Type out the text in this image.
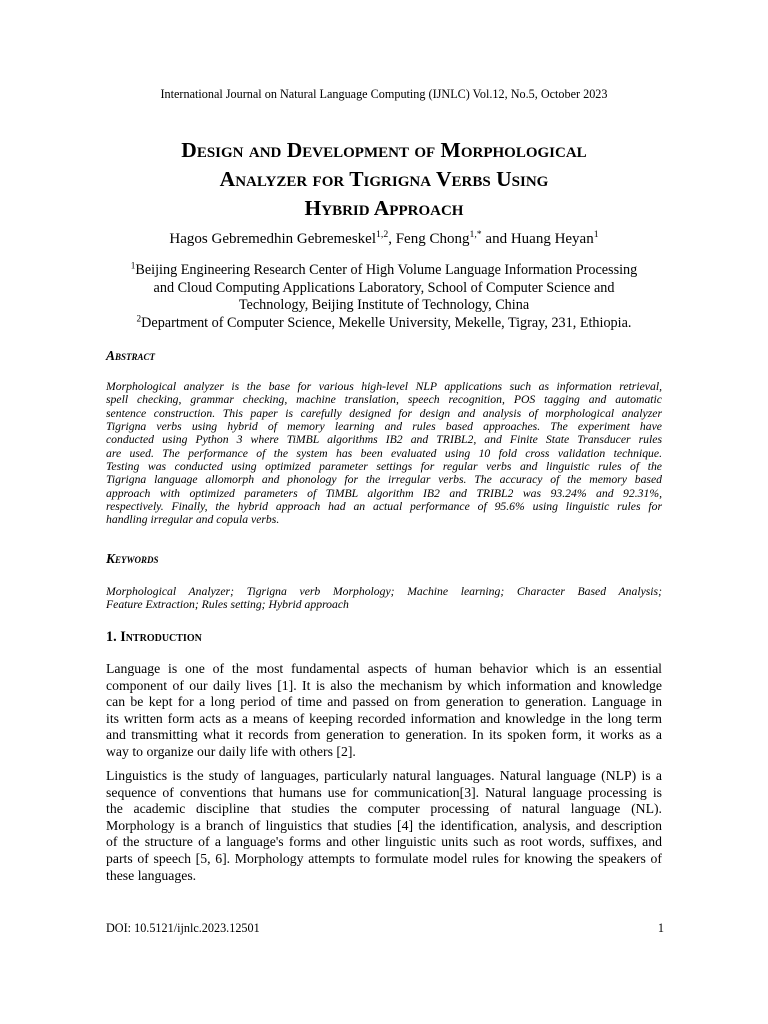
International Journal on Natural Language Computing (IJNLC) Vol.12, No.5, October 2023
Design and Development of Morphological
Analyzer for Tigrigna Verbs Using
Hybrid Approach
Hagos Gebremedhin Gebremeskel$^{1,2}$, Feng Chong$^{1,*}$ and Huang Heyan$^1$
$^1$Beijing Engineering Research Center of High Volume Language Information Processing
and Cloud Computing Applications Laboratory, School of Computer Science and
Technology, Beijing Institute of Technology, China
$^2$Department of Computer Science, Mekelle University, Mekelle, Tigray, 231, Ethiopia.
Abstract
Morphological analyzer is the base for various high-level NLP applications such as information retrieval,
spell checking, grammar checking, machine translation, speech recognition, POS tagging and automatic
sentence construction. This paper is carefully designed for design and analysis of morphological analyzer
Tigrigna verbs using hybrid of memory learning and rules based approaches. The experiment have
conducted using Python 3 where TiMBL algorithms IB2 and TRIBL2, and Finite State Transducer rules
are used. The performance of the system has been evaluated using 10 fold cross validation technique.
Testing was conducted using optimized parameter settings for regular verbs and linguistic rules of the
Tigrigna language allomorph and phonology for the irregular verbs. The accuracy of the memory based
approach with optimized parameters of TiMBL algorithm IB2 and TRIBL2 was 93.24% and 92.31%,
respectively. Finally, the hybrid approach had an actual performance of 95.6% using linguistic rules for
handling irregular and copula verbs.
Keywords
Morphological Analyzer; Tigrigna verb Morphology; Machine learning; Character Based Analysis;
Feature Extraction; Rules setting; Hybrid approach
1. Introduction
Language is one of the most fundamental aspects of human behavior which is an essential
component of our daily lives [1]. It is also the mechanism by which information and knowledge
can be kept for a long period of time and passed on from generation to generation. Language in
its written form acts as a means of keeping recorded information and knowledge in the long term
and transmitting what it records from generation to generation. In its spoken form, it works as a
way to organize our daily life with others [2].
Linguistics is the study of languages, particularly natural languages. Natural language (NLP) is a
sequence of conventions that humans use for communication[3]. Natural language processing is
the academic discipline that studies the computer processing of natural language (NL).
Morphology is a branch of linguistics that studies [4] the identification, analysis, and description
of the structure of a language's forms and other linguistic units such as root words, suffixes, and
parts of speech [5, 6]. Morphology attempts to formulate model rules for knowing the speakers of
these languages.
DOI: 10.5121/ijnlc.2023.12501	1
